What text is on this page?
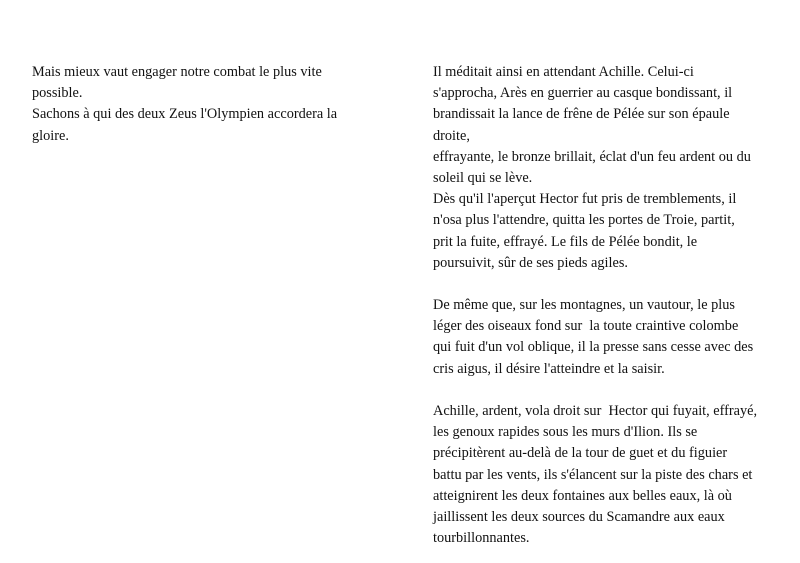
Mais mieux vaut engager notre combat le plus vite
possible.
Sachons à qui des deux Zeus l'Olympien accordera la
gloire.
Il méditait ainsi en attendant Achille. Celui-ci
s'approcha, Arès en guerrier au casque bondissant, il
brandissait la lance de frêne de Pélée sur son épaule
droite,
effrayante, le bronze brillait, éclat d'un feu ardent ou du
soleil qui se lève.
Dès qu'il l'aperçut Hector fut pris de tremblements, il
n'osa plus l'attendre, quitta les portes de Troie, partit,
prit la fuite, effrayé. Le fils de Pélée bondit, le
poursuivit, sûr de ses pieds agiles.
De même que, sur les montagnes, un vautour, le plus
léger des oiseaux fond sur  la toute craintive colombe
qui fuit d'un vol oblique, il la presse sans cesse avec des
cris aigus, il désire l'atteindre et la saisir.
Achille, ardent, vola droit sur  Hector qui fuyait, effrayé,
les genoux rapides sous les murs d'Ilion. Ils se
précipitèrent au-delà de la tour de guet et du figuier
battu par les vents, ils s'élancent sur la piste des chars et
atteignirent les deux fontaines aux belles eaux, là où
jaillissent les deux sources du Scamandre aux eaux
tourbillonnantes.
